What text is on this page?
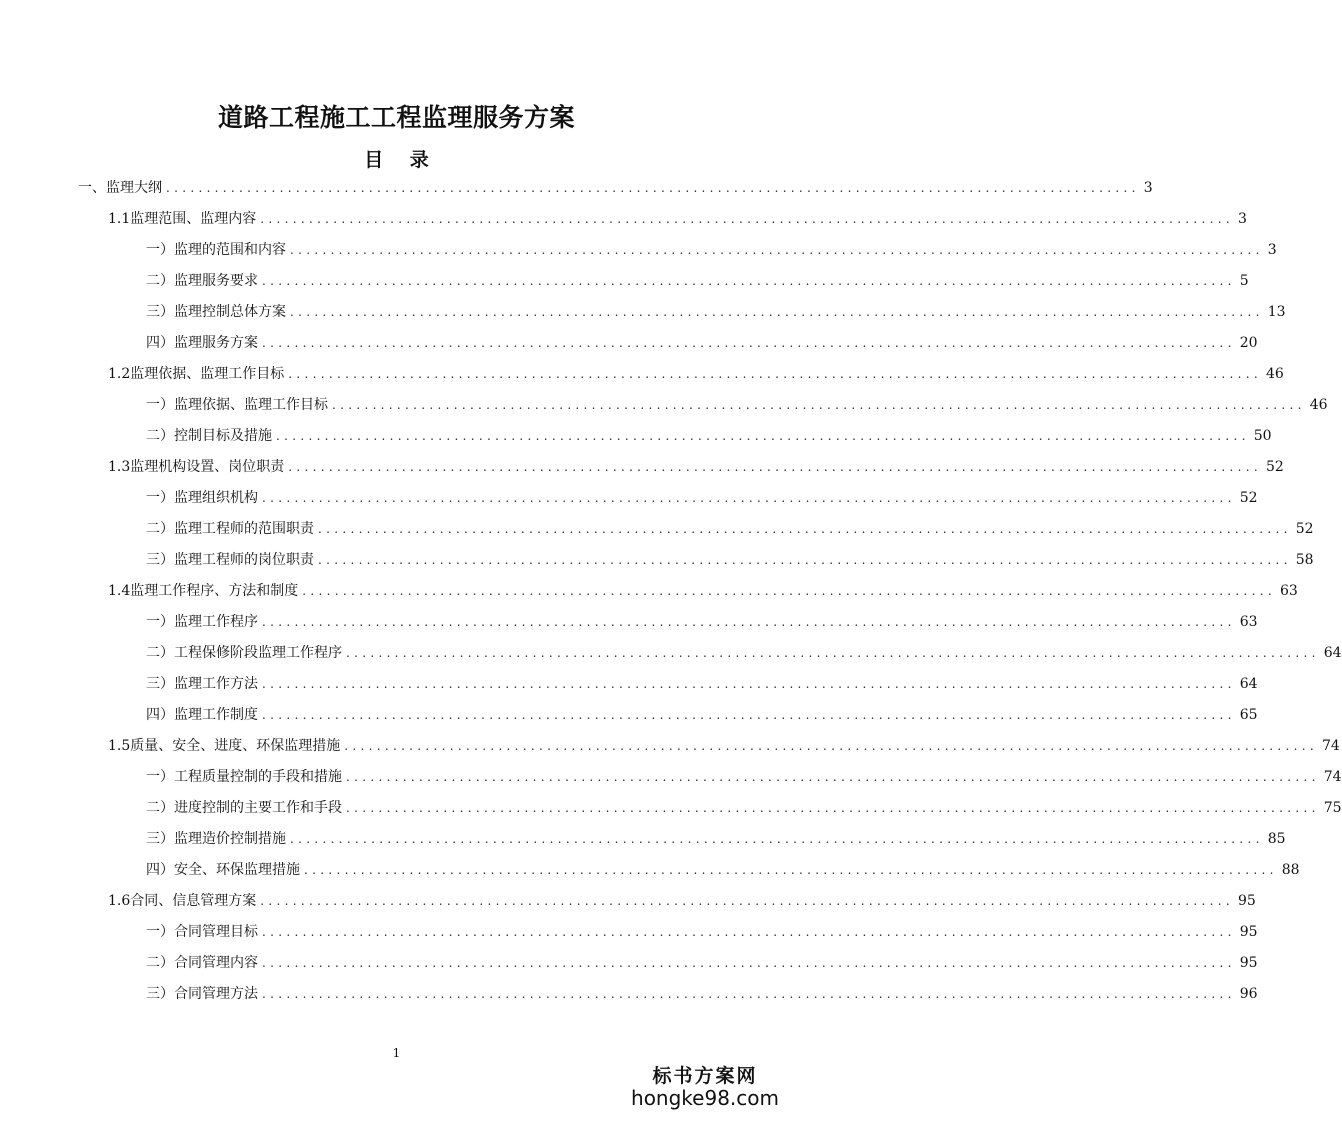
道路工程施工工程监理服务方案
目 录
一、监理大纲 ........................................................................................................................ 3
1.1监理范围、监理内容 ........................................................................................................................ 3
一）监理的范围和内容 ........................................................................................................................ 3
二）监理服务要求 ........................................................................................................................ 5
三）监理控制总体方案 ........................................................................................................................ 13
四）监理服务方案 ........................................................................................................................ 20
1.2监理依据、监理工作目标 ........................................................................................................................ 46
一）监理依据、监理工作目标 ........................................................................................................................ 46
二）控制目标及措施 ........................................................................................................................ 50
1.3监理机构设置、岗位职责 ........................................................................................................................ 52
一）监理组织机构 ........................................................................................................................ 52
二）监理工程师的范围职责 ........................................................................................................................ 52
三）监理工程师的岗位职责 ........................................................................................................................ 58
1.4监理工作程序、方法和制度 ........................................................................................................................ 63
一）监理工作程序 ........................................................................................................................ 63
二）工程保修阶段监理工作程序 ........................................................................................................................ 64
三）监理工作方法 ........................................................................................................................ 64
四）监理工作制度 ........................................................................................................................ 65
1.5质量、安全、进度、环保监理措施 ........................................................................................................................ 74
一）工程质量控制的手段和措施 ........................................................................................................................ 74
二）进度控制的主要工作和手段 ........................................................................................................................ 75
三）监理造价控制措施 ........................................................................................................................ 85
四）安全、环保监理措施 ........................................................................................................................ 88
1.6合同、信息管理方案 ........................................................................................................................ 95
一）合同管理目标 ........................................................................................................................ 95
二）合同管理内容 ........................................................................................................................ 95
三）合同管理方法 ........................................................................................................................ 96
1
标书方案网
hongke98.com
